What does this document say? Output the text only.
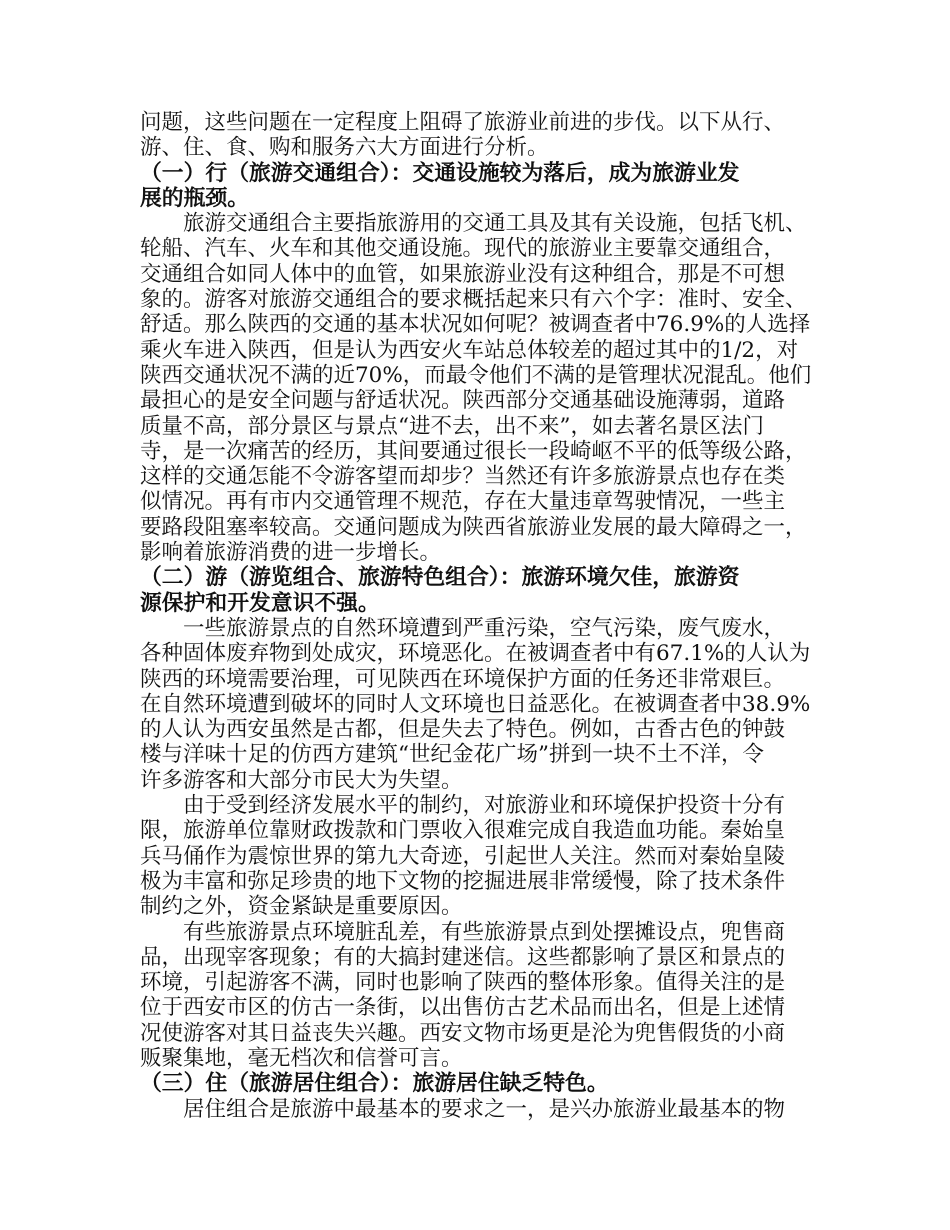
问题，这些问题在一定程度上阻碍了旅游业前进的步伐。以下从行、
游、住、食、购和服务六大方面进行分析。
（一）行（旅游交通组合）：交通设施较为落后，成为旅游业发
展的瓶颈。
旅游交通组合主要指旅游用的交通工具及其有关设施，包括飞机、
轮船、汽车、火车和其他交通设施。现代的旅游业主要靠交通组合，
交通组合如同人体中的血管，如果旅游业没有这种组合，那是不可想
象的。游客对旅游交通组合的要求概括起来只有六个字：准时、安全、
舒适。那么陕西的交通的基本状况如何呢？被调查者中76.9%的人选择
乘火车进入陕西，但是认为西安火车站总体较差的超过其中的1/2，对
陕西交通状况不满的近70%，而最令他们不满的是管理状况混乱。他们
最担心的是安全问题与舒适状况。陕西部分交通基础设施薄弱，道路
质量不高，部分景区与景点“进不去，出不来”，如去著名景区法门
寺，是一次痛苦的经历，其间要通过很长一段崎岖不平的低等级公路，
这样的交通怎能不令游客望而却步？当然还有许多旅游景点也存在类
似情况。再有市内交通管理不规范，存在大量违章驾驶情况，一些主
要路段阻塞率较高。交通问题成为陕西省旅游业发展的最大障碍之一，
影响着旅游消费的进一步增长。
（二）游（游览组合、旅游特色组合）：旅游环境欠佳，旅游资
源保护和开发意识不强。
一些旅游景点的自然环境遭到严重污染，空气污染，废气废水，
各种固体废弃物到处成灾，环境恶化。在被调查者中有67.1%的人认为
陕西的环境需要治理，可见陕西在环境保护方面的任务还非常艰巨。
在自然环境遭到破坏的同时人文环境也日益恶化。在被调查者中38.9%
的人认为西安虽然是古都，但是失去了特色。例如，古香古色的钟鼓
楼与洋味十足的仿西方建筑“世纪金花广场”拼到一块不土不洋，令
许多游客和大部分市民大为失望。
由于受到经济发展水平的制约，对旅游业和环境保护投资十分有
限，旅游单位靠财政拨款和门票收入很难完成自我造血功能。秦始皇
兵马俑作为震惊世界的第九大奇迹，引起世人关注。然而对秦始皇陵
极为丰富和弥足珍贵的地下文物的挖掘进展非常缓慢，除了技术条件
制约之外，资金紧缺是重要原因。
有些旅游景点环境脏乱差，有些旅游景点到处摆摊设点，兜售商
品，出现宰客现象；有的大搞封建迷信。这些都影响了景区和景点的
环境，引起游客不满，同时也影响了陕西的整体形象。值得关注的是
位于西安市区的仿古一条街，以出售仿古艺术品而出名，但是上述情
况使游客对其日益丧失兴趣。西安文物市场更是沦为兜售假货的小商
贩聚集地，毫无档次和信誉可言。
（三）住（旅游居住组合）：旅游居住缺乏特色。
居住组合是旅游中最基本的要求之一，是兴办旅游业最基本的物
